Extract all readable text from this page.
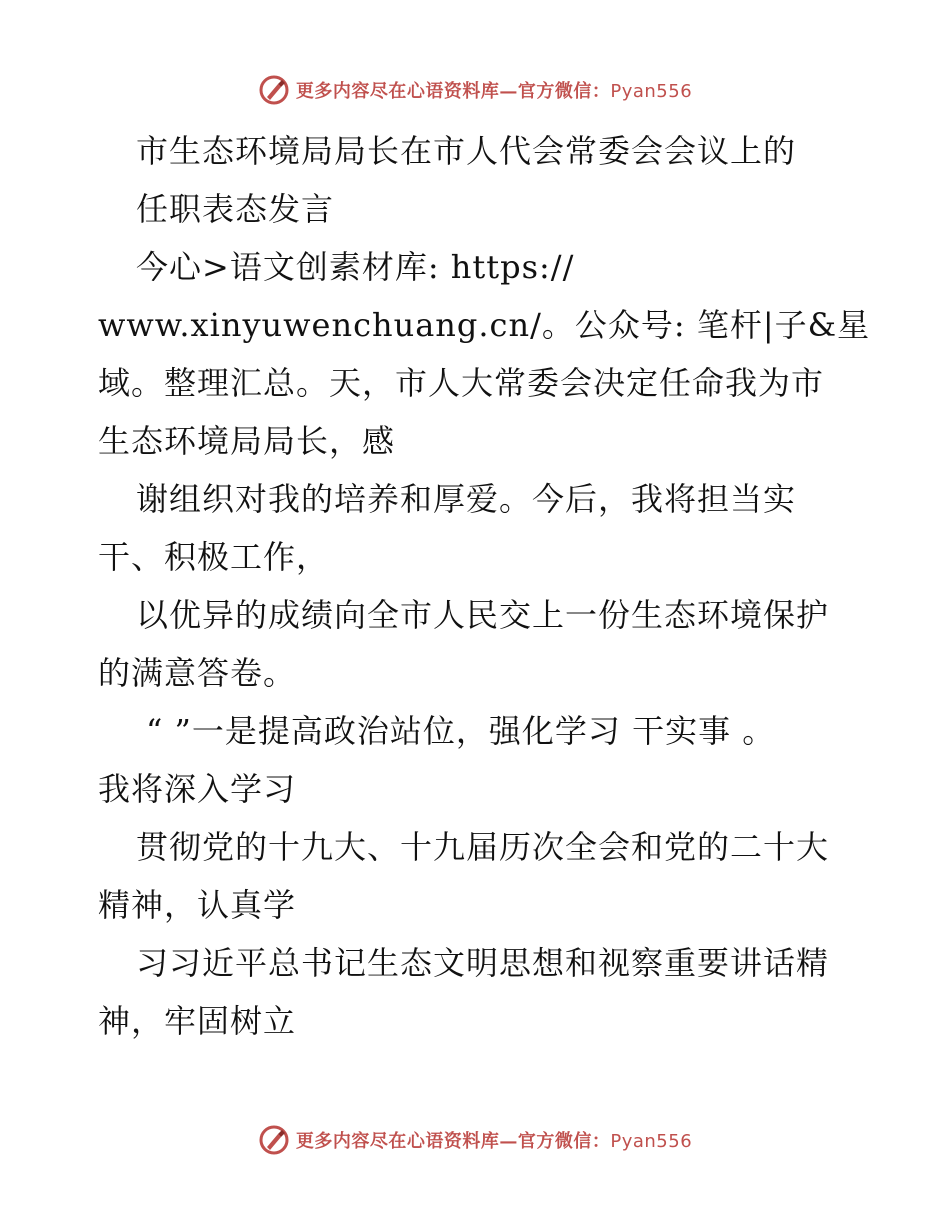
更多内容尽在心语资料库—官方微信：Pyan556
市生态环境局局长在市人代会常委会会议上的
任职表态发言
今心>语文创素材库: https://
www.xinyuwenchuang.cn/。公众号: 笔杆|子&星
域。整理汇总。天，市人大常委会决定任命我为市
生态环境局局长，感
谢组织对我的培养和厚爱。今后，我将担当实
干、积极工作，
以优异的成绩向全市人民交上一份生态环境保护
的满意答卷。
“ ”一是提高政治站位，强化学习 干实事 。
我将深入学习
贯彻党的十九大、十九届历次全会和党的二十大
精神，认真学
习习近平总书记生态文明思想和视察重要讲话精
神，牢固树立
更多内容尽在心语资料库—官方微信：Pyan556
